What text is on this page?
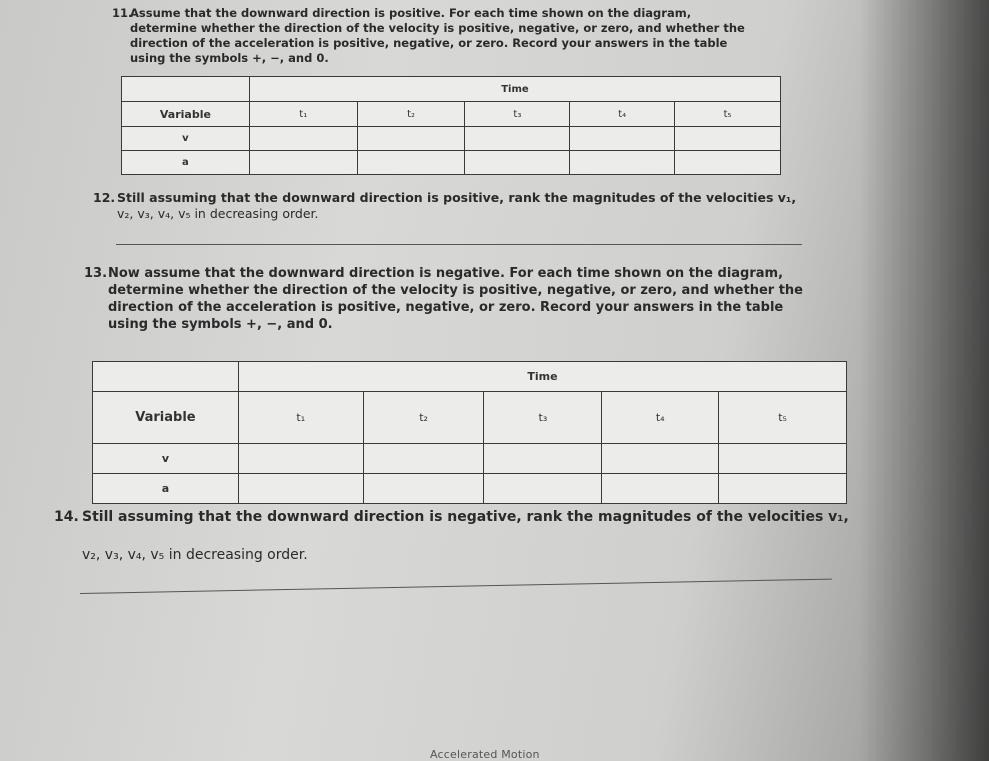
11.
Assume that the downward direction is positive. For each time shown on the diagram,
determine whether the direction of the velocity is positive, negative, or zero, and whether the
direction of the acceleration is positive, negative, or zero. Record your answers in the table
using the symbols +, −, and 0.
	Time				
Variable	t₁	t₂	t₃	t₄	t₅
v					
a					
12. Still assuming that the downward direction is positive, rank the magnitudes of the velocities v₁,
v₂, v₃, v₄, v₅ in decreasing order.
13. Now assume that the downward direction is negative. For each time shown on the diagram,
determine whether the direction of the velocity is positive, negative, or zero, and whether the
direction of the acceleration is positive, negative, or zero. Record your answers in the table
using the symbols +, −, and 0.
	Time				
Variable	t₁	t₂	t₃	t₄	t₅
v					
a					
14. Still assuming that the downward direction is negative, rank the magnitudes of the velocities v₁,
v₂, v₃, v₄, v₅ in decreasing order.
Accelerated Motion
